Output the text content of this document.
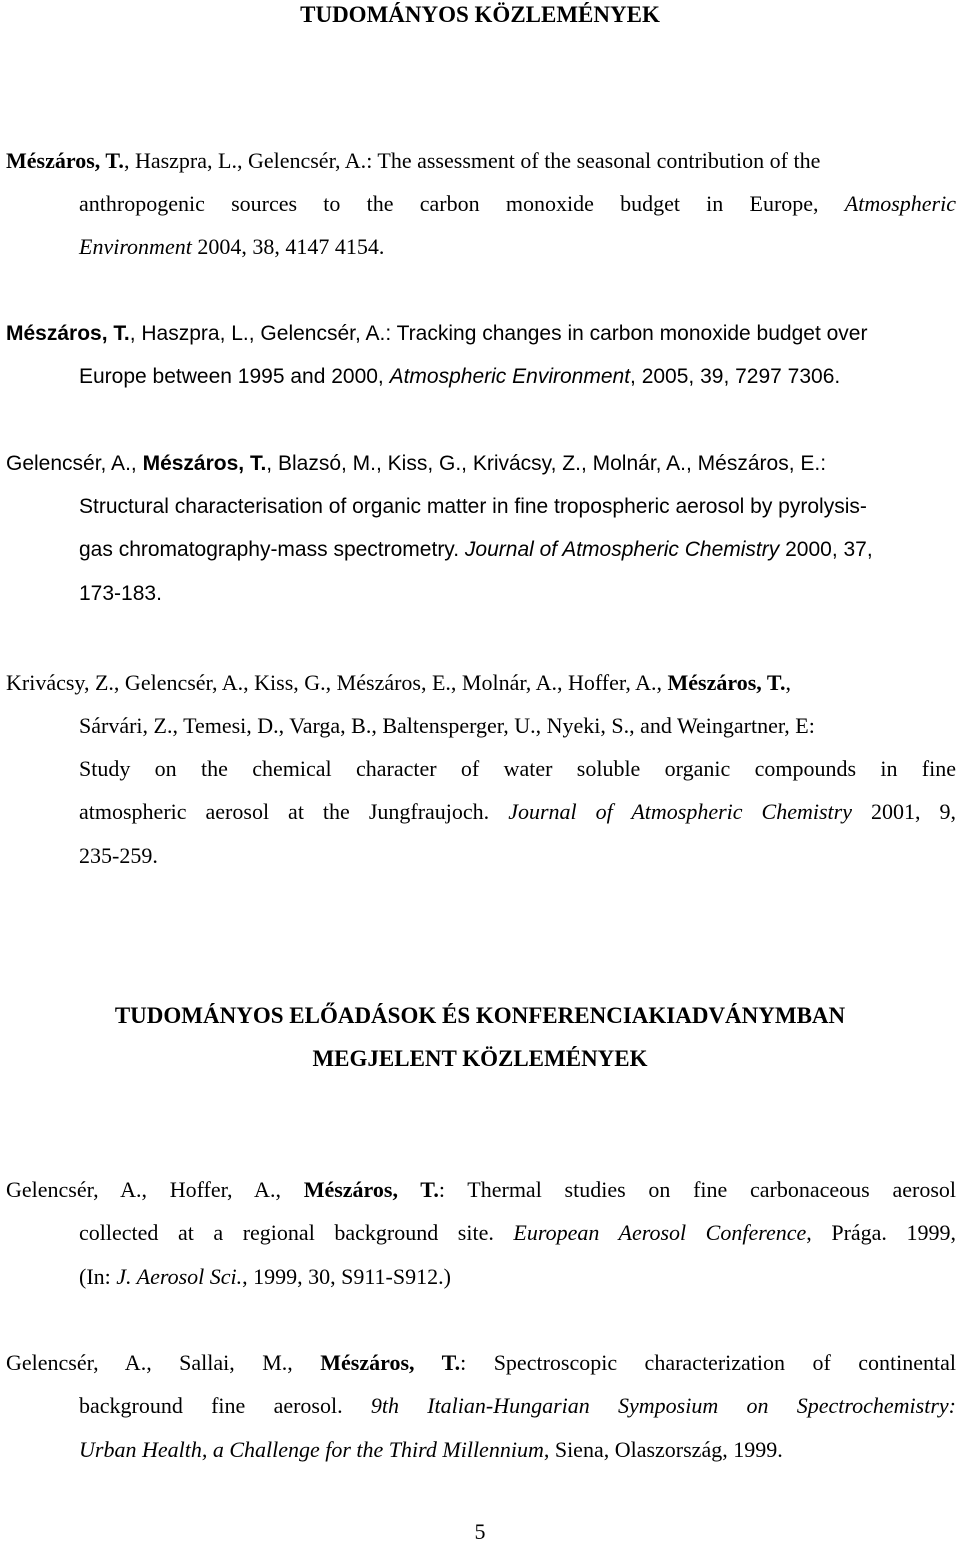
TUDOMÁNYOS KÖZLEMÉNYEK
Mészáros, T., Haszpra, L., Gelencsér, A.: The assessment of the seasonal contribution of the
anthropogenic sources to the carbon monoxide budget in Europe, Atmospheric
Environment 2004, 38, 4147 4154.
Mészáros, T., Haszpra, L., Gelencsér, A.: Tracking changes in carbon monoxide budget over
Europe between 1995 and 2000, Atmospheric Environment, 2005, 39, 7297 7306.
Gelencsér, A., Mészáros, T., Blazsó, M., Kiss, G., Krivácsy, Z., Molnár, A., Mészáros, E.:
Structural characterisation of organic matter in fine tropospheric aerosol by pyrolysis-
gas chromatography-mass spectrometry. Journal of Atmospheric Chemistry 2000, 37,
173-183.
Krivácsy, Z., Gelencsér, A., Kiss, G., Mészáros, E., Molnár, A., Hoffer, A., Mészáros, T.,
Sárvári, Z., Temesi, D., Varga, B., Baltensperger, U., Nyeki, S., and Weingartner, E:
Study on the chemical character of water soluble organic compounds in fine
atmospheric aerosol at the Jungfraujoch. Journal of Atmospheric Chemistry 2001, 9,
235-259.
TUDOMÁNYOS ELŐADÁSOK ÉS KONFERENCIAKIADVÁNYMBAN
MEGJELENT KÖZLEMÉNYEK
Gelencsér, A., Hoffer, A., Mészáros, T.: Thermal studies on fine carbonaceous aerosol
collected at a regional background site. European Aerosol Conference, Prága. 1999,
(In: J. Aerosol Sci., 1999, 30, S911-S912.)
Gelencsér, A., Sallai, M., Mészáros, T.: Spectroscopic characterization of continental
background fine aerosol. 9th Italian-Hungarian Symposium on Spectrochemistry:
Urban Health, a Challenge for the Third Millennium, Siena, Olaszország, 1999.
5
